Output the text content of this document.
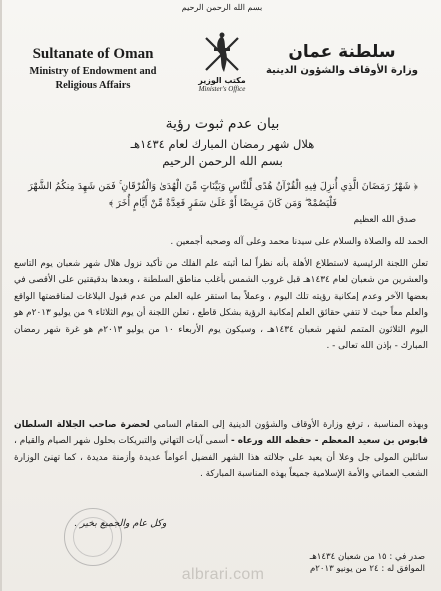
بسم الله الرحمن الرحيم
Sultanate of Oman
Ministry of Endowment and Religious Affairs	مكتب الوزير
Minister's Office
سلطنة عمان
وزارة الأوقاف والشؤون الدينية
بيان عدم ثبوت رؤية
هلال شهر رمضان المبارك لعام ١٤٣٤هـ
بسم الله الرحمن الرحيم
﴿ شَهْرُ رَمَضَانَ الَّذِي أُنزِلَ فِيهِ الْقُرْآنُ هُدًى لِّلنَّاسِ وَبَيِّنَاتٍ مِّنَ الْهُدَىٰ وَالْفُرْقَانِ ۚ فَمَن شَهِدَ مِنكُمُ الشَّهْرَ فَلْيَصُمْهُ ۖ وَمَن كَانَ مَرِيضًا أَوْ عَلَىٰ سَفَرٍ فَعِدَّةٌ مِّنْ أَيَّامٍ أُخَرَ ﴾
صدق الله العظيم
الحمد لله والصلاة والسلام على سيدنا محمد وعلى آله وصحبه أجمعين .
تعلن اللجنة الرئيسية لاستطلاع الأهلة بأنه نظراً لما أثبته علم الفلك من تأكيد نزول هلال شهر شعبان يوم التاسع والعشرين من شعبان لعام ١٤٣٤هـ قبل غروب الشمس بأغلب مناطق السلطنة ، وبعدها بدقيقتين على الأقصى في بعضها الآخر وعدم إمكانية رؤيته تلك اليوم ، وعملاً بما استقر عليه العلم من عدم قبول البلاغات لمناقضتها الواقع والعلم معاً حيث لا تتفي حقائق العلم إمكانية الرؤية بشكل قاطع ، تعلن اللجنة أن يوم الثلاثاء ٩ من يوليو ٢٠١٣م هو اليوم الثلاثون المتمم لشهر شعبان ١٤٣٤هـ ، وسيكون يوم الأربعاء ١٠ من يوليو ٢٠١٣م هو غرة شهر رمضان المبارك - بإذن الله تعالى - .
وبهذه المناسبة ، ترفع وزارة الأوقاف والشؤون الدينية إلى المقام السامي لحضرة صاحب الجلالة السلطان قابوس بن سعيد المعظم - حفظه الله ورعاه - أسمى آيات التهاني والتبريكات بحلول شهر الصيام والقيام ، سائلين المولى جل وعلا أن يعيد على جلالته هذا الشهر الفضيل أعواماً عديدة وأزمنة مديدة ، كما تهنئ الوزارة الشعب العماني والأمة الإسلامية جميعاً بهذه المناسبة المباركة .
وكل عام والجميع بخير .
صدر في : ١٥ من شعبان ١٤٣٤هـ
الموافق له : ٢٤ من يونيو ٢٠١٣م
albrari.com
